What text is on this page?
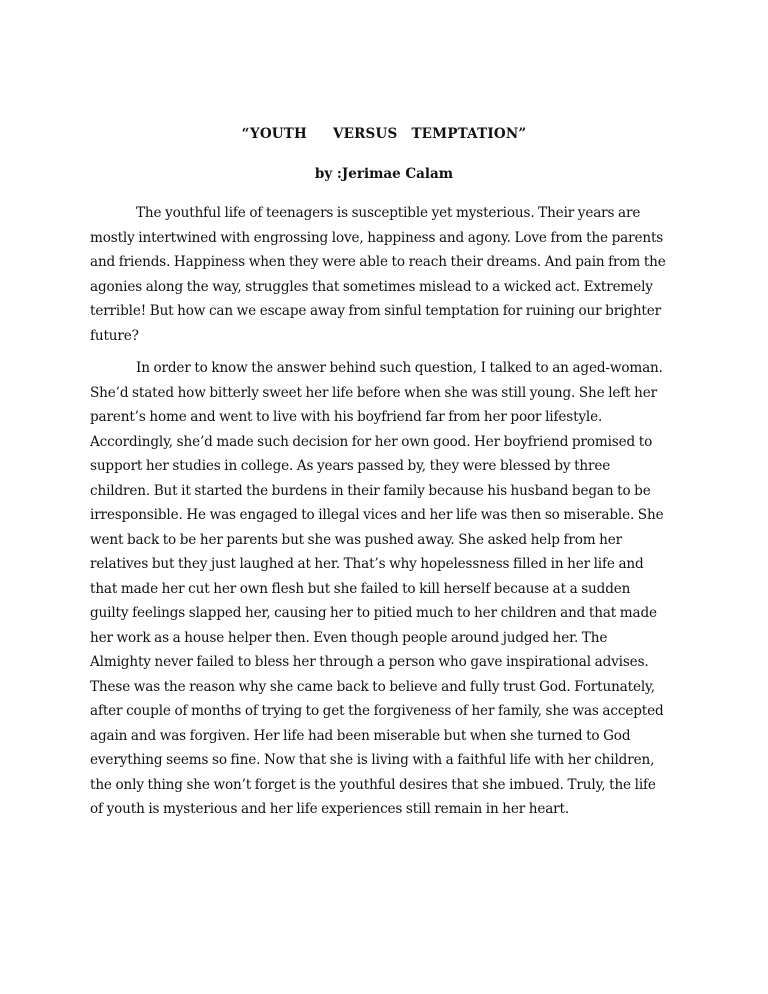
“YOUTH VERSUS TEMPTATION”
by :Jerimae Calam
The youthful life of teenagers is susceptible yet mysterious. Their years are
mostly intertwined with engrossing love, happiness and agony. Love from the parents
and friends. Happiness when they were able to reach their dreams. And pain from the
agonies along the way, struggles that sometimes mislead to a wicked act. Extremely
terrible! But how can we escape away from sinful temptation for ruining our brighter
future?
In order to know the answer behind such question, I talked to an aged-woman.
She’d stated how bitterly sweet her life before when she was still young. She left her
parent’s home and went to live with his boyfriend far from her poor lifestyle.
Accordingly, she’d made such decision for her own good. Her boyfriend promised to
support her studies in college. As years passed by, they were blessed by three
children. But it started the burdens in their family because his husband began to be
irresponsible. He was engaged to illegal vices and her life was then so miserable. She
went back to be her parents but she was pushed away. She asked help from her
relatives but they just laughed at her. That’s why hopelessness filled in her life and
that made her cut her own flesh but she failed to kill herself because at a sudden
guilty feelings slapped her, causing her to pitied much to her children and that made
her work as a house helper then. Even though people around judged her. The
Almighty never failed to bless her through a person who gave inspirational advises.
These was the reason why she came back to believe and fully trust God. Fortunately,
after couple of months of trying to get the forgiveness of her family, she was accepted
again and was forgiven. Her life had been miserable but when she turned to God
everything seems so fine. Now that she is living with a faithful life with her children,
the only thing she won’t forget is the youthful desires that she imbued. Truly, the life
of youth is mysterious and her life experiences still remain in her heart.
